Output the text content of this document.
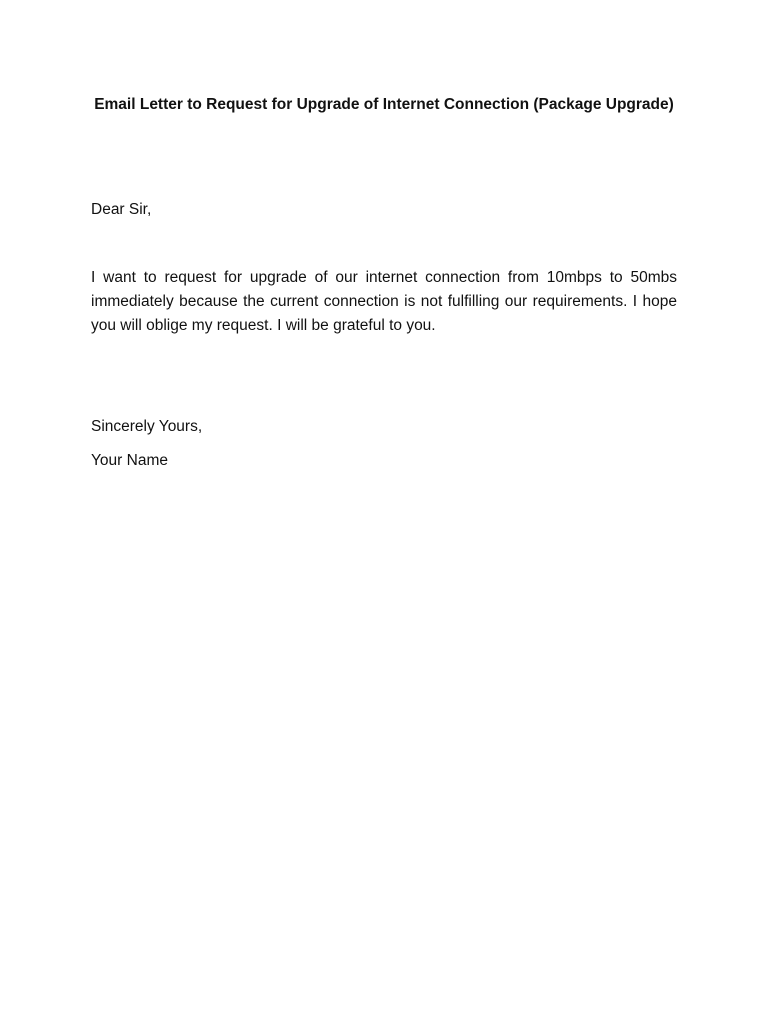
Email Letter to Request for Upgrade of Internet Connection (Package Upgrade)

Dear Sir,

I want to request for upgrade of our internet connection from 10mbps to 50mbs immediately because the current connection is not fulfilling our requirements. I hope you will oblige my request. I will be grateful to you.

Sincerely Yours,

Your Name
